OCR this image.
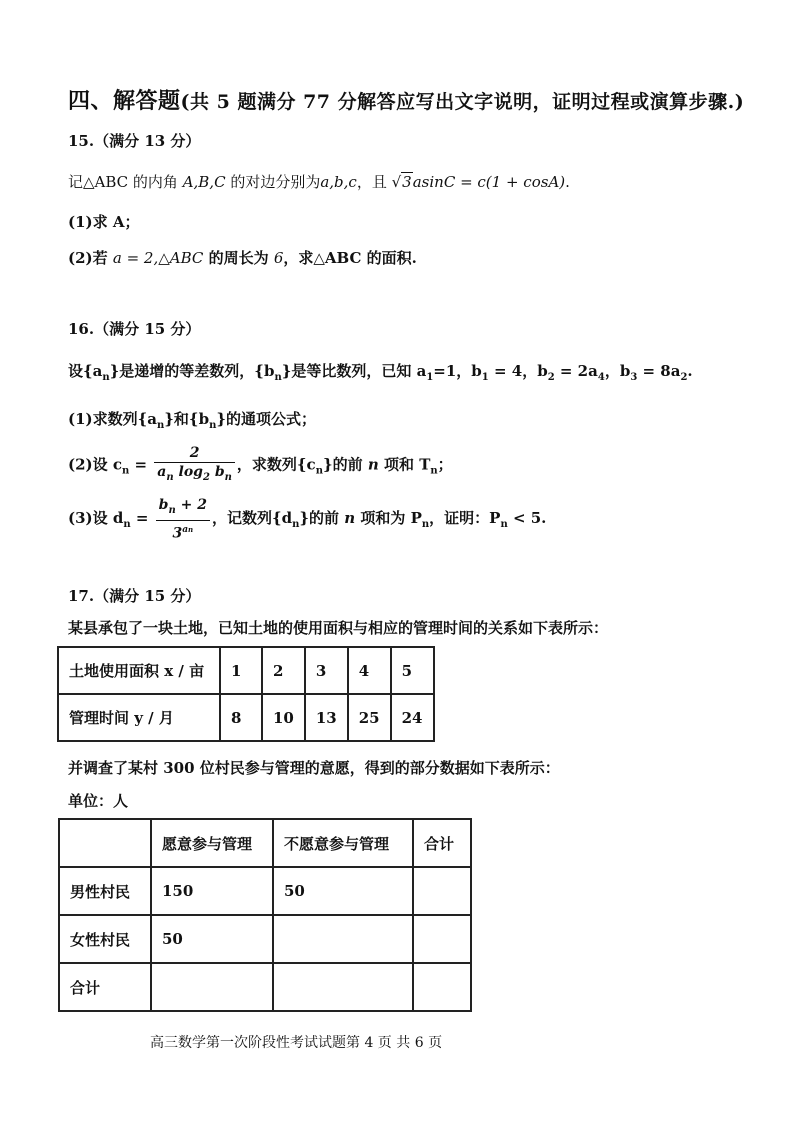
四、解答题(共 5 题满分 77 分解答应写出文字说明，证明过程或演算步骤.)
15.（满分 13 分）
记△ABC 的内角 A,B,C 的对边分别为a,b,c，且 √3asinC = c(1 + cosA).
(1)求 A；
(2)若 a = 2,△ABC 的周长为 6，求△ABC 的面积.
16.（满分 15 分）
设$\{a_n\}$是递增的等差数列，$\{b_n\}$是等比数列，已知 $a_1=1$，$b_1 = 4$，$b_2 = 2a_4$，$b_3 = 8a_2$.
(1)求数列$\{a_n\}$和$\{b_n\}$的通项公式；
(2)设 $c_n = \frac{2}{a_n \log_2 b_n}$ ，求数列$\{c_n\}$的前 n 项和 $T_n$；
(3)设 $d_n = \frac{b_n + 2}{3^{an}}$ ，记数列$\{d_n\}$的前 n 项和为 $P_n$，证明：$P_n < 5$.
17.（满分 15 分）
某县承包了一块土地，已知土地的使用面积与相应的管理时间的关系如下表所示：
土地使用面积 x / 亩	1	2	3	4	5
管理时间 y / 月	8	10	13	25	24
并调查了某村 300 位村民参与管理的意愿，得到的部分数据如下表所示：
单位：人
	愿意参与管理	不愿意参与管理	合计
男性村民	150	50	
女性村民	50		
合计			
高三数学第一次阶段性考试试题第 4 页 共 6 页
